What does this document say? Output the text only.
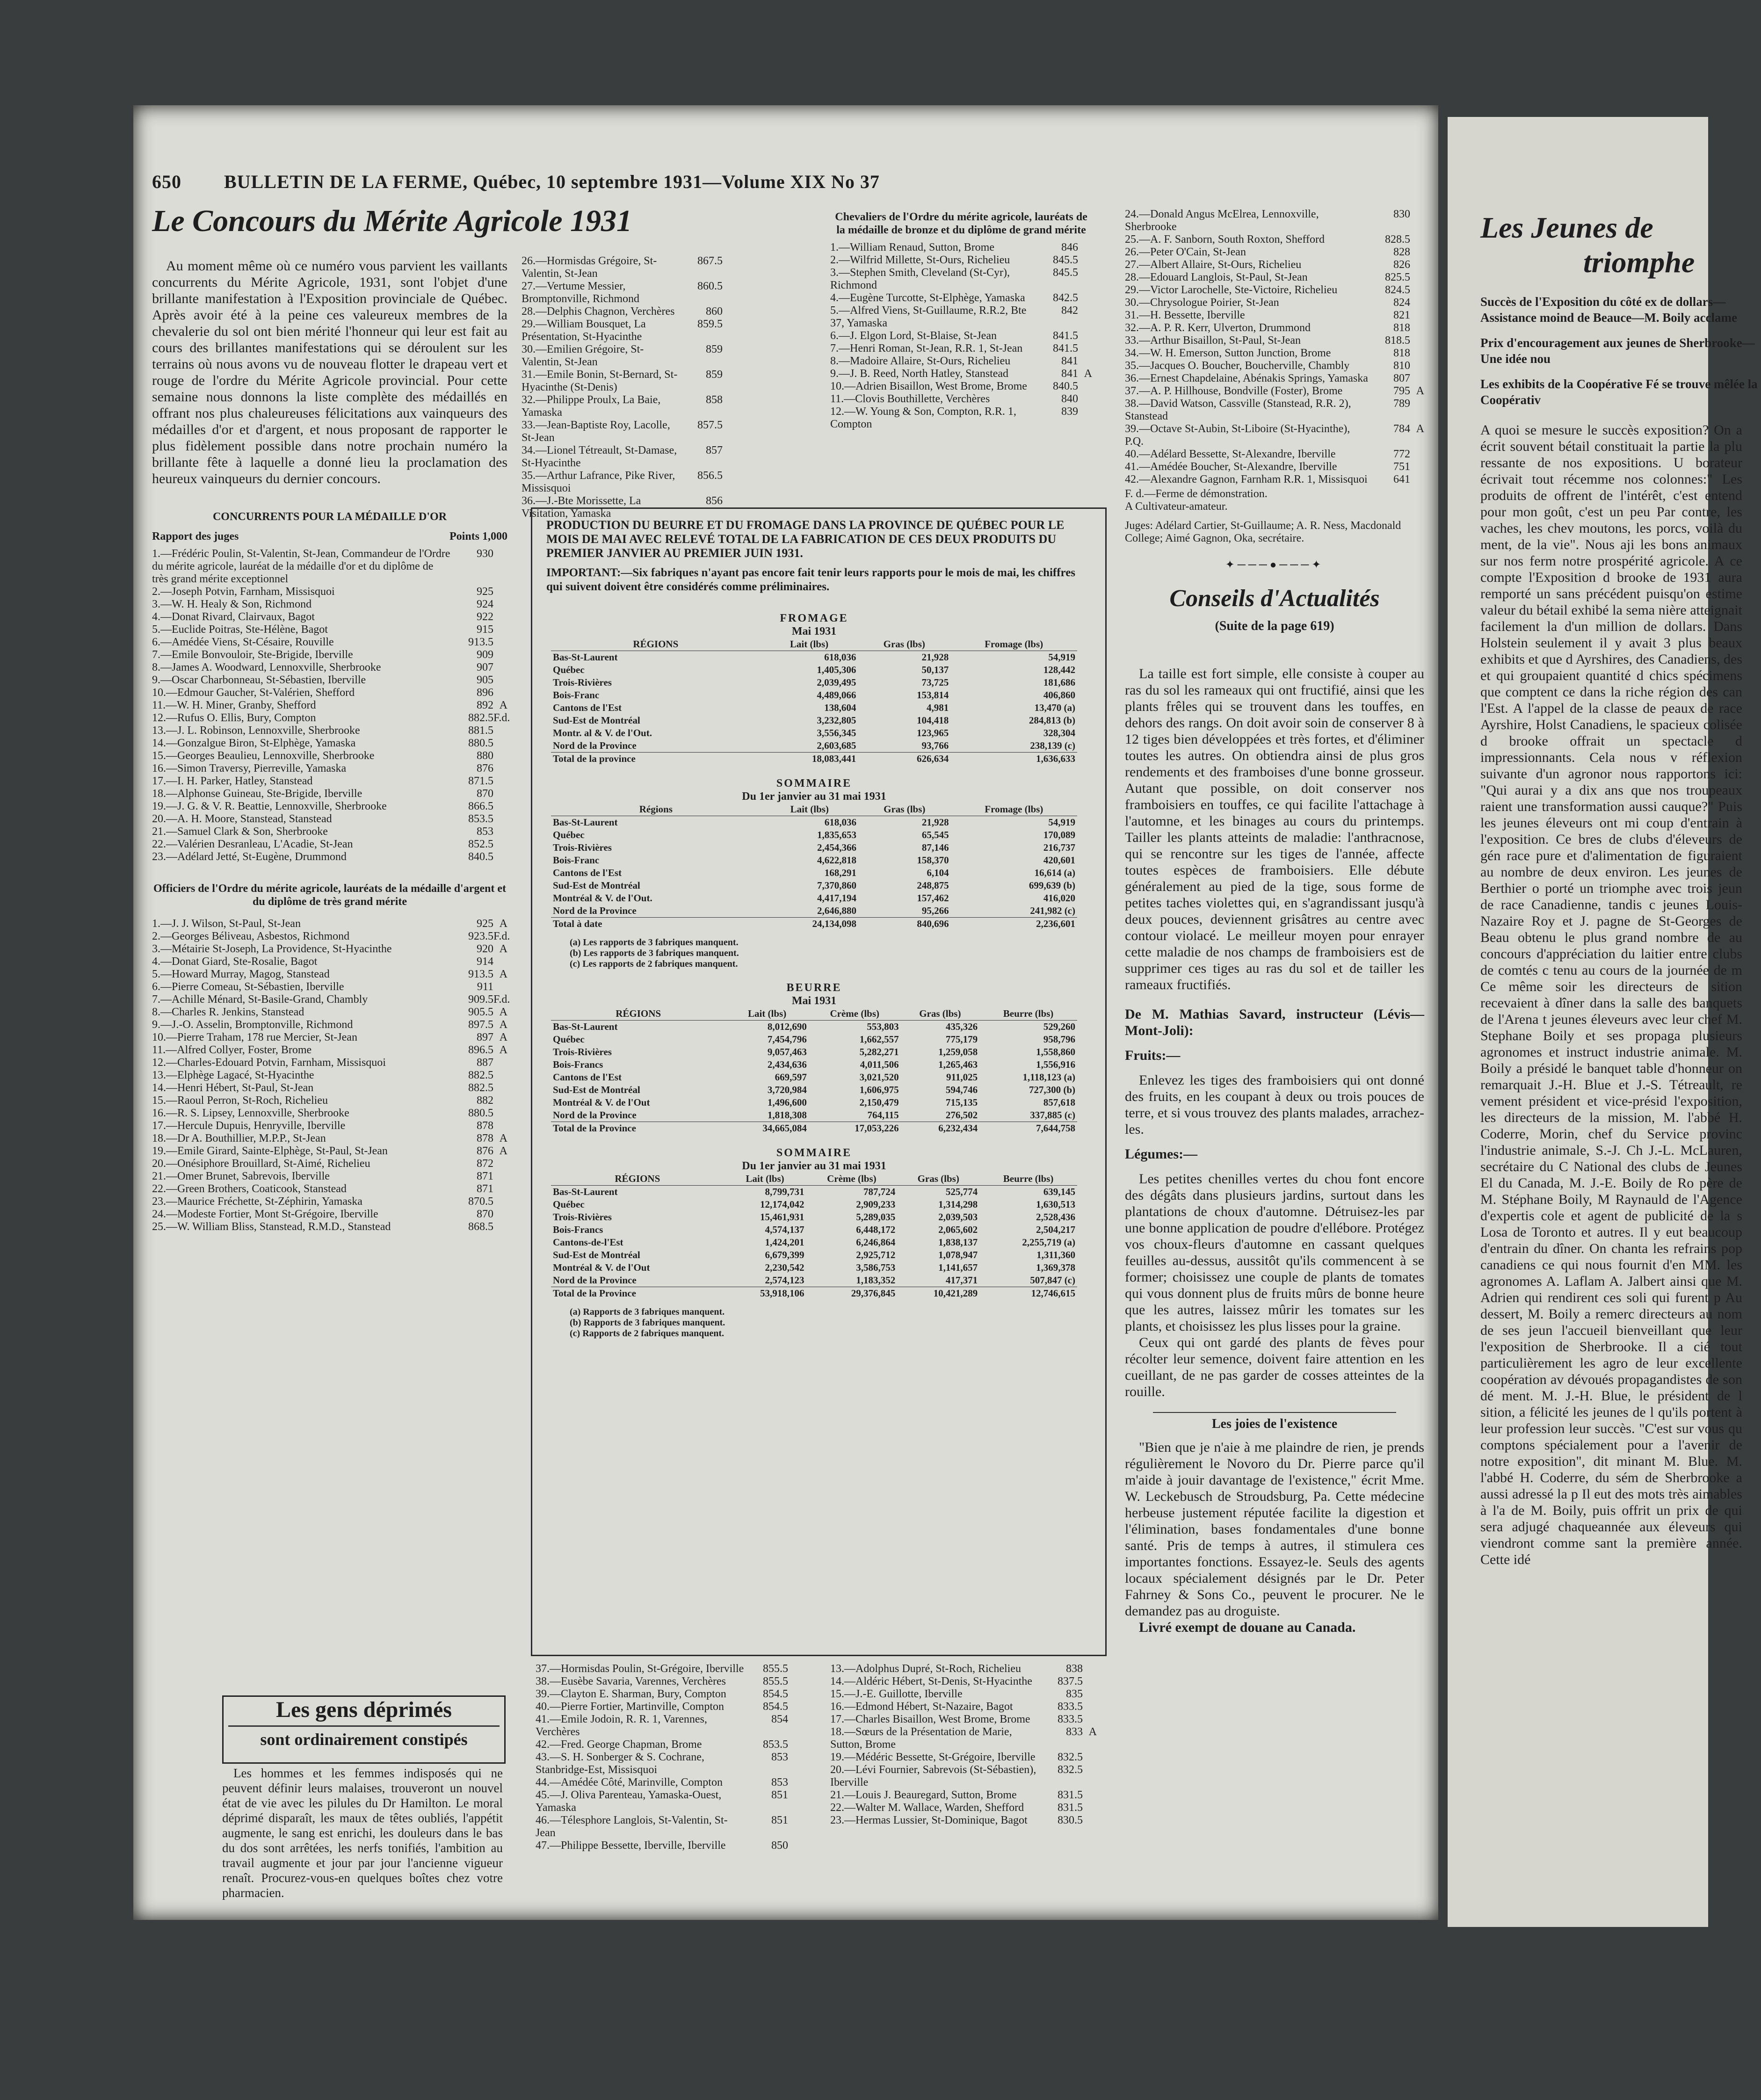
650 BULLETIN DE LA FERME, Québec, 10 septembre 1931—Volume XIX No 37
Le Concours du Mérite Agricole 1931
Au moment même où ce numéro vous parvient les vaillants concurrents du Mérite Agricole, 1931, sont l'objet d'une brillante manifestation à l'Exposition provinciale de Québec. Après avoir été à la peine ces valeureux membres de la chevalerie du sol ont bien mérité l'honneur qui leur est fait au cours des brillantes manifestations qui se déroulent sur les terrains où nous avons vu de nouveau flotter le drapeau vert et rouge de l'ordre du Mérite Agricole provincial. Pour cette semaine nous donnons la liste complète des médaillés en offrant nos plus chaleureuses félicitations aux vainqueurs des médailles d'or et d'argent, et nous proposant de rapporter le plus fidèlement possible dans notre prochain numéro la brillante fête à laquelle a donné lieu la proclamation des heureux vainqueurs du dernier concours.
CONCURRENTS POUR LA MÉDAILLE D'OR
Rapport des juges	Points 1,000
1.—Frédéric Poulin, St-Valentin, St-Jean, Commandeur de l'Ordre du mérite agricole, lauréat de la médaille d'or et du diplôme de très grand mérite exceptionnel
930
2.—Joseph Potvin, Farnham, Missisquoi	925
3.—W. H. Healy & Son, Richmond	924
4.—Donat Rivard, Clairvaux, Bagot	922
5.—Euclide Poitras, Ste-Hélène, Bagot	915
6.—Amédée Viens, St-Césaire, Rouville	913.5
7.—Emile Bonvouloir, Ste-Brigide, Iberville	909
8.—James A. Woodward, Lennoxville, Sherbrooke	907
9.—Oscar Charbonneau, St-Sébastien, Iberville	905
10.—Edmour Gaucher, St-Valérien, Shefford	896
11.—W. H. Miner, Granby, Shefford	892 A
12.—Rufus O. Ellis, Bury, Compton	882.5 F.d.
13.—J. L. Robinson, Lennoxville, Sherbrooke	881.5
14.—Gonzalgue Biron, St-Elphège, Yamaska	880.5
15.—Georges Beaulieu, Lennoxville, Sherbrooke	880
16.—Simon Traversy, Pierreville, Yamaska	876
17.—I. H. Parker, Hatley, Stanstead	871.5
18.—Alphonse Guineau, Ste-Brigide, Iberville	870
19.—J. G. & V. R. Beattie, Lennoxville, Sherbrooke	866.5
20.—A. H. Moore, Stanstead, Stanstead	853.5
21.—Samuel Clark & Son, Sherbrooke	853
22.—Valérien Desranleau, L'Acadie, St-Jean	852.5
23.—Adélard Jetté, St-Eugène, Drummond	840.5
Officiers de l'Ordre du mérite agricole, lauréats de la médaille d'argent et du diplôme de très grand mérite
1.—J. J. Wilson, St-Paul, St-Jean	925 A
2.—Georges Béliveau, Asbestos, Richmond	923.5 F.d.
3.—Métairie St-Joseph, La Providence, St-Hyacinthe	920 A
4.—Donat Giard, Ste-Rosalie, Bagot	914
5.—Howard Murray, Magog, Stanstead	913.5 A
6.—Pierre Comeau, St-Sébastien, Iberville	911
7.—Achille Ménard, St-Basile-Grand, Chambly	909.5 F.d.
8.—Charles R. Jenkins, Stanstead	905.5 A
9.—J.-O. Asselin, Bromptonville, Richmond	897.5 A
10.—Pierre Traham, 178 rue Mercier, St-Jean	897 A
11.—Alfred Collyer, Foster, Brome	896.5 A
12.—Charles-Edouard Potvin, Farnham, Missisquoi	887
13.—Elphège Lagacé, St-Hyacinthe	882.5
14.—Henri Hébert, St-Paul, St-Jean	882.5
15.—Raoul Perron, St-Roch, Richelieu	882
16.—R. S. Lipsey, Lennoxville, Sherbrooke	880.5
17.—Hercule Dupuis, Henryville, Iberville	878
18.—Dr A. Bouthillier, M.P.P., St-Jean	878 A
19.—Emile Girard, Sainte-Elphège, St-Paul, St-Jean	876 A
20.—Onésiphore Brouillard, St-Aimé, Richelieu	872
21.—Omer Brunet, Sabrevois, Iberville	871
22.—Green Brothers, Coaticook, Stanstead	871
23.—Maurice Fréchette, St-Zéphirin, Yamaska	870.5
24.—Modeste Fortier, Mont St-Grégoire, Iberville	870
25.—W. William Bliss, Stanstead, R.M.D., Stanstead	868.5
Les gens déprimés
sont ordinairement constipés
Les hommes et les femmes indisposés qui ne peuvent définir leurs malaises, trouveront un nouvel état de vie avec les pilules du Dr Hamilton. Le moral déprimé disparaît, les maux de têtes oubliés, l'appétit augmente, le sang est enrichi, les douleurs dans le bas du dos sont arrêtées, les nerfs tonifiés, l'ambition au travail augmente et jour par jour l'ancienne vigueur renaît. Procurez-vous-en quelques boîtes chez votre pharmacien.
26.—Hormisdas Grégoire, St-Valentin, St-Jean
867.5
27.—Vertume Messier, Bromptonville, Richmond
860.5
28.—Delphis Chagnon, Verchères	860
29.—William Bousquet, La Présentation, St-Hyacinthe
859.5
30.—Emilien Grégoire, St-Valentin, St-Jean
859
31.—Emile Bonin, St-Bernard, St-Hyacinthe (St-Denis)
859
32.—Philippe Proulx, La Baie, Yamaska
858
33.—Jean-Baptiste Roy, Lacolle, St-Jean
857.5
34.—Lionel Tétreault, St-Damase, St-Hyacinthe
857
35.—Arthur Lafrance, Pike River, Missisquoi
856.5
36.—J.-Bte Morissette, La Visitation, Yamaska
856
Chevaliers de l'Ordre du mérite agricole, lauréats de la médaille de bronze et du diplôme de grand mérite
1.—William Renaud, Sutton, Brome	846
2.—Wilfrid Millette, St-Ours, Richelieu	845.5
3.—Stephen Smith, Cleveland (St-Cyr), Richmond
845.5
4.—Eugène Turcotte, St-Elphège, Yamaska	842.5
5.—Alfred Viens, St-Guillaume, R.R.2, Bte 37, Yamaska
842
6.—J. Elgon Lord, St-Blaise, St-Jean	841.5
7.—Henri Roman, St-Jean, R.R. 1, St-Jean	841.5
8.—Madoire Allaire, St-Ours, Richelieu	841
9.—J. B. Reed, North Hatley, Stanstead	841 A
10.—Adrien Bisaillon, West Brome, Brome	840.5
11.—Clovis Bouthillette, Verchères	840
12.—W. Young & Son, Compton, R.R. 1, Compton
839
PRODUCTION DU BEURRE ET DU FROMAGE DANS LA PROVINCE DE QUÉBEC POUR LE MOIS DE MAI AVEC RELEVÉ TOTAL DE LA FABRICATION DE CES DEUX PRODUITS DU PREMIER JANVIER AU PREMIER JUIN 1931.
IMPORTANT:—Six fabriques n'ayant pas encore fait tenir leurs rapports pour le mois de mai, les chiffres qui suivent doivent être considérés comme préliminaires.
FROMAGE
Mai 1931
RÉGIONS	Lait (lbs)	Gras (lbs)	Fromage (lbs)
Bas-St-Laurent	618,036	21,928	54,919
Québec	1,405,306	50,137	128,442
Trois-Rivières	2,039,495	73,725	181,686
Bois-Franc	4,489,066	153,814	406,860
Cantons de l'Est	138,604	4,981	13,470 (a)
Sud-Est de Montréal	3,232,805	104,418	284,813 (b)
Montr. al & V. de l'Out.	3,556,345	123,965	328,304
Nord de la Province	2,603,685	93,766	238,139 (c)
Total de la province	18,083,441	626,634	1,636,633
SOMMAIRE
Du 1er janvier au 31 mai 1931
Régions	Lait (lbs)	Gras (lbs)	Fromage (lbs)
Bas-St-Laurent	618,036	21,928	54,919
Québec	1,835,653	65,545	170,089
Trois-Rivières	2,454,366	87,146	216,737
Bois-Franc	4,622,818	158,370	420,601
Cantons de l'Est	168,291	6,104	16,614 (a)
Sud-Est de Montréal	7,370,860	248,875	699,639 (b)
Montréal & V. de l'Out.	4,417,194	157,462	416,020
Nord de la Province	2,646,880	95,266	241,982 (c)
Total à date	24,134,098	840,696	2,236,601
(a) Les rapports de 3 fabriques manquent.
(b) Les rapports de 3 fabriques manquent.
(c) Les rapports de 2 fabriques manquent.
BEURRE
Mai 1931
RÉGIONS	Lait (lbs)	Crème (lbs)	Gras (lbs)	Beurre (lbs)
Bas-St-Laurent	8,012,690	553,803	435,326	529,260
Québec	7,454,796	1,662,557	775,179	958,796
Trois-Rivières	9,057,463	5,282,271	1,259,058	1,558,860
Bois-Francs	2,434,636	4,011,506	1,265,463	1,556,916
Cantons de l'Est	669,597	3,021,520	911,025	1,118,123 (a)
Sud-Est de Montréal	3,720,984	1,606,975	594,746	727,300 (b)
Montréal & V. de l'Out	1,496,600	2,150,479	715,135	857,618
Nord de la Province	1,818,308	764,115	276,502	337,885 (c)
Total de la Province	34,665,084	17,053,226	6,232,434	7,644,758
SOMMAIRE
Du 1er janvier au 31 mai 1931
RÉGIONS	Lait (lbs)	Crème (lbs)	Gras (lbs)	Beurre (lbs)
Bas-St-Laurent	8,799,731	787,724	525,774	639,145
Québec	12,174,042	2,909,233	1,314,298	1,630,513
Trois-Rivières	15,461,931	5,289,035	2,039,503	2,528,436
Bois-Francs	4,574,137	6,448,172	2,065,602	2,504,217
Cantons-de-l'Est	1,424,201	6,246,864	1,838,137	2,255,719 (a)
Sud-Est de Montréal	6,679,399	2,925,712	1,078,947	1,311,360
Montréal & V. de l'Out	2,230,542	3,586,753	1,141,657	1,369,378
Nord de la Province	2,574,123	1,183,352	417,371	507,847 (c)
Total de la Province	53,918,106	29,376,845	10,421,289	12,746,615
(a) Rapports de 3 fabriques manquent.
(b) Rapports de 3 fabriques manquent.
(c) Rapports de 2 fabriques manquent.
37.—Hormisdas Poulin, St-Grégoire, Iberville	855.5
38.—Eusèbe Savaria, Varennes, Verchères	855.5
39.—Clayton E. Sharman, Bury, Compton	854.5
40.—Pierre Fortier, Martinville, Compton	854.5
41.—Emile Jodoin, R. R. 1, Varennes, Verchères
854
42.—Fred. George Chapman, Brome	853.5
43.—S. H. Sonberger & S. Cochrane, Stanbridge-Est, Missisquoi
853
44.—Amédée Côté, Marinville, Compton	853
45.—J. Oliva Parenteau, Yamaska-Ouest, Yamaska
851
46.—Télesphore Langlois, St-Valentin, St-Jean
851
47.—Philippe Bessette, Iberville, Iberville	850
13.—Adolphus Dupré, St-Roch, Richelieu	838
14.—Aldéric Hébert, St-Denis, St-Hyacinthe	837.5
15.—J.-E. Guillotte, Iberville	835
16.—Edmond Hébert, St-Nazaire, Bagot	833.5
17.—Charles Bisaillon, West Brome, Brome	833.5
18.—Sœurs de la Présentation de Marie, Sutton, Brome
833 A
19.—Médéric Bessette, St-Grégoire, Iberville	832.5
20.—Lévi Fournier, Sabrevois (St-Sébastien), Iberville
832.5
21.—Louis J. Beauregard, Sutton, Brome	831.5
22.—Walter M. Wallace, Warden, Shefford	831.5
23.—Hermas Lussier, St-Dominique, Bagot	830.5
24.—Donald Angus McElrea, Lennoxville, Sherbrooke
830
25.—A. F. Sanborn, South Roxton, Shefford	828.5
26.—Peter O'Cain, St-Jean	828
27.—Albert Allaire, St-Ours, Richelieu	826
28.—Edouard Langlois, St-Paul, St-Jean	825.5
29.—Victor Larochelle, Ste-Victoire, Richelieu	824.5
30.—Chrysologue Poirier, St-Jean	824
31.—H. Bessette, Iberville	821
32.—A. P. R. Kerr, Ulverton, Drummond	818
33.—Arthur Bisaillon, St-Paul, St-Jean	818.5
34.—W. H. Emerson, Sutton Junction, Brome	818
35.—Jacques O. Boucher, Boucherville, Chambly	810
36.—Ernest Chapdelaine, Abénakis Springs, Yamaska	807
37.—A. P. Hillhouse, Bondville (Foster), Brome	795 A
38.—David Watson, Cassville (Stanstead, R.R. 2), Stanstead
789
39.—Octave St-Aubin, St-Liboire (St-Hyacinthe), P.Q.
784 A
40.—Adélard Bessette, St-Alexandre, Iberville	772
41.—Amédée Boucher, St-Alexandre, Iberville	751
42.—Alexandre Gagnon, Farnham R.R. 1, Missisquoi	641
F. d.—Ferme de démonstration.
A Cultivateur-amateur.
Juges: Adélard Cartier, St-Guillaume; A. R. Ness, Macdonald College; Aimé Gagnon, Oka, secrétaire.
✦───●───✦
Conseils d'Actualités
(Suite de la page 619)
La taille est fort simple, elle consiste à couper au ras du sol les rameaux qui ont fructifié, ainsi que les plants frêles qui se trouvent dans les touffes, en dehors des rangs. On doit avoir soin de conserver 8 à 12 tiges bien développées et très fortes, et d'éliminer toutes les autres. On obtiendra ainsi de plus gros rendements et des framboises d'une bonne grosseur. Autant que possible, on doit conserver nos framboisiers en touffes, ce qui facilite l'attachage à l'automne, et les binages au cours du printemps. Tailler les plants atteints de maladie: l'anthracnose, qui se rencontre sur les tiges de l'année, affecte toutes espèces de framboisiers. Elle débute généralement au pied de la tige, sous forme de petites taches violettes qui, en s'agrandissant jusqu'à deux pouces, deviennent grisâtres au centre avec contour violacé. Le meilleur moyen pour enrayer cette maladie de nos champs de framboisiers est de supprimer ces tiges au ras du sol et de tailler les rameaux fructifiés.
De M. Mathias Savard, instructeur (Lévis—Mont-Joli):
Fruits:—
Enlevez les tiges des framboisiers qui ont donné des fruits, en les coupant à deux ou trois pouces de terre, et si vous trouvez des plants malades, arrachez-les.
Légumes:—
Les petites chenilles vertes du chou font encore des dégâts dans plusieurs jardins, surtout dans les plantations de choux d'automne. Détruisez-les par une bonne application de poudre d'ellébore. Protégez vos choux-fleurs d'automne en cassant quelques feuilles au-dessus, aussitôt qu'ils commencent à se former; choisissez une couple de plants de tomates qui vous donnent plus de fruits mûrs de bonne heure que les autres, laissez mûrir les tomates sur les plants, et choisissez les plus lisses pour la graine.
Ceux qui ont gardé des plants de fèves pour récolter leur semence, doivent faire attention en les cueillant, de ne pas garder de cosses atteintes de la rouille.
Les joies de l'existence
"Bien que je n'aie à me plaindre de rien, je prends régulièrement le Novoro du Dr. Pierre parce qu'il m'aide à jouir davantage de l'existence," écrit Mme. W. Leckebusch de Stroudsburg, Pa. Cette médecine herbeuse justement réputée facilite la digestion et l'élimination, bases fondamentales d'une bonne santé. Pris de temps à autres, il stimulera ces importantes fonctions. Essayez-le. Seuls des agents locaux spécialement désignés par le Dr. Peter Fahrney & Sons Co., peuvent le procurer. Ne le demandez pas au droguiste.
Livré exempt de douane au Canada.
Les Jeunes de
triomphe
Succès de l'Exposition du côté ex de dollars—Assistance moind de Beauce—M. Boily acclame
Prix d'encouragement aux jeunes de Sherbrooke—Une idée nou
Les exhibits de la Coopérative Fé se trouve mêlée la Coopérativ
A quoi se mesure le succès exposition? On a écrit souvent bétail constituait la partie la plu ressante de nos expositions. U borateur écrivait tout récemme nos colonnes:" Les produits de offrent de l'intérêt, c'est entend pour mon goût, c'est un peu Par contre, les vaches, les chev moutons, les porcs, voilà du ment, de la vie". Nous aji les bons animaux sur nos ferm notre prospérité agricole. A ce compte l'Exposition d brooke de 1931 aura remporté un sans précédent puisqu'on estime valeur du bétail exhibé la sema nière atteignait facilement la d'un million de dollars. Dans Holstein seulement il y avait 3 plus beaux exhibits et que d Ayrshires, des Canadiens, des et qui groupaient quantité d chics spécimens que comptent ce dans la riche région des can l'Est. A l'appel de la classe de peaux de race Ayrshire, Holst Canadiens, le spacieux colisée d brooke offrait un spectacle d impressionnants. Cela nous v réflexion suivante d'un agronor nous rapportons ici: "Qui aurai y a dix ans que nos troupeaux raient une transformation aussi cauque?" Puis les jeunes éleveurs ont mi coup d'entrain à l'exposition. Ce bres de clubs d'éleveurs de gén race pure et d'alimentation de figuraient au nombre de deux environ. Les jeunes de Berthier o porté un triomphe avec trois jeun de race Canadienne, tandis c jeunes Louis-Nazaire Roy et J. pagne de St-Georges de Beau obtenu le plus grand nombre de au concours d'appréciation du laitier entre clubs de comtés c tenu au cours de la journée de m Ce même soir les directeurs de sition recevaient à dîner dans la salle des banquets de l'Arena t jeunes éleveurs avec leur chef M. Stephane Boily et ses propaga plusieurs agronomes et instruct industrie animale. M. Boily a présidé le banquet table d'honneur on remarquait J.-H. Blue et J.-S. Tétreault, re vement président et vice-présid l'exposition, les directeurs de la mission, M. l'abbé H. Coderre, Morin, chef du Service provinc l'industrie animale, S.-J. Ch J.-L. McLauren, secrétaire du C National des clubs de Jeunes El du Canada, M. J.-E. Boily de Ro père de M. Stéphane Boily, M Raynauld de l'Agence d'expertis cole et agent de publicité de la s Losa de Toronto et autres. Il y eut beaucoup d'entrain du dîner. On chanta les refrains pop canadiens ce qui nous fournit d'en MM. les agronomes A. Laflam A. Jalbert ainsi que M. Adrien qui rendirent ces soli qui furent p Au dessert, M. Boily a remerc directeurs au nom de ses jeun l'accueil bienveillant que leur l'exposition de Sherbrooke. Il a cié tout particulièrement les agro de leur excellente coopération av dévoués propagandistes de son dé ment. M. J.-H. Blue, le président de l sition, a félicité les jeunes de l qu'ils portent à leur profession leur succès. "C'est sur vous qu comptons spécialement pour a l'avenir de notre exposition", dit minant M. Blue. M. l'abbé H. Coderre, du sém de Sherbrooke a aussi adressé la p Il eut des mots très aimables à l'a de M. Boily, puis offrit un prix de qui sera adjugé chaqueannée aux éleveurs qui viendront comme sant la première année. Cette idé
